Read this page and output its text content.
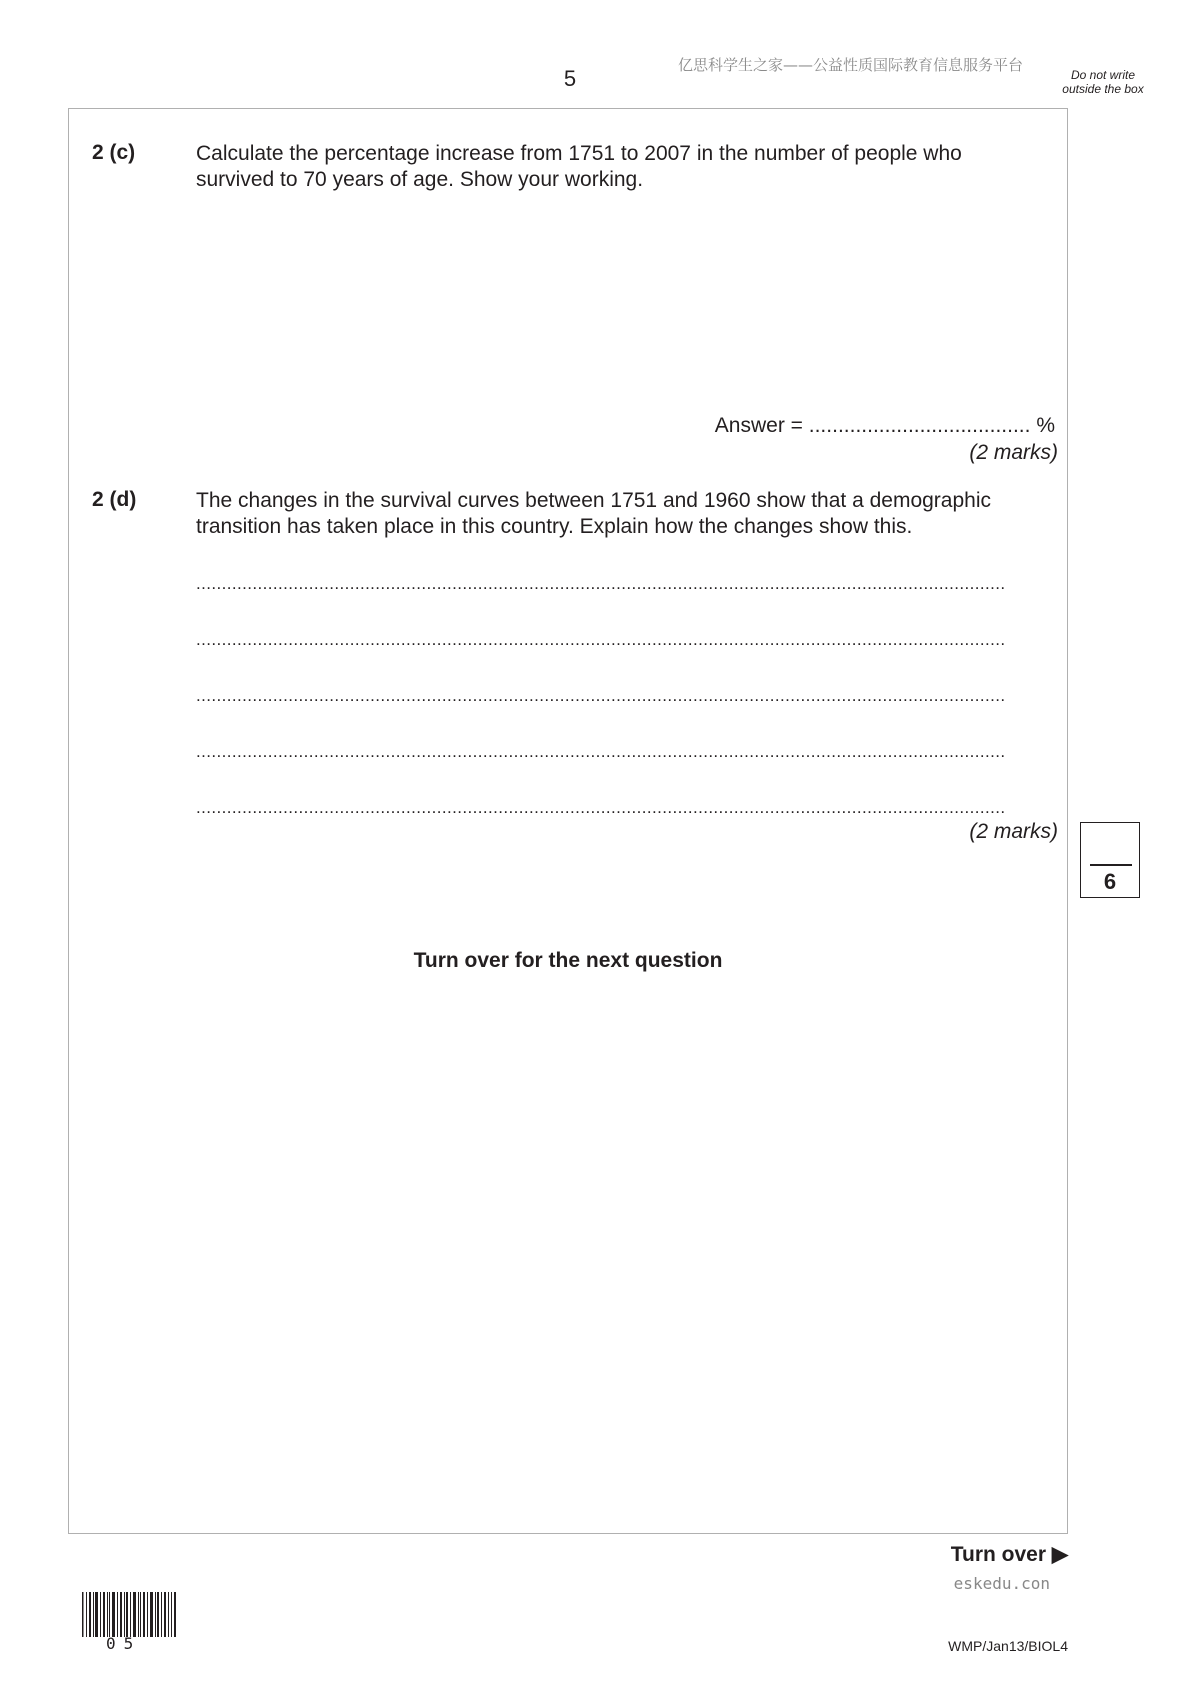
5
亿思科学生之家——公益性质国际教育信息服务平台
Do not write outside the box
2 (c)	Calculate the percentage increase from 1751 to 2007 in the number of people who survived to 70 years of age. Show your working.
Answer = ...................................... %
(2 marks)
2 (d)	The changes in the survival curves between 1751 and 1960 show that a demographic transition has taken place in this country. Explain how the changes show this.
..............................................................................................................................................................
..............................................................................................................................................................
..............................................................................................................................................................
..............................................................................................................................................................
..............................................................................................................................................................
(2 marks)
6
Turn over for the next question
Turn over ▶
eskedu.con
05	WMP/Jan13/BIOL4
